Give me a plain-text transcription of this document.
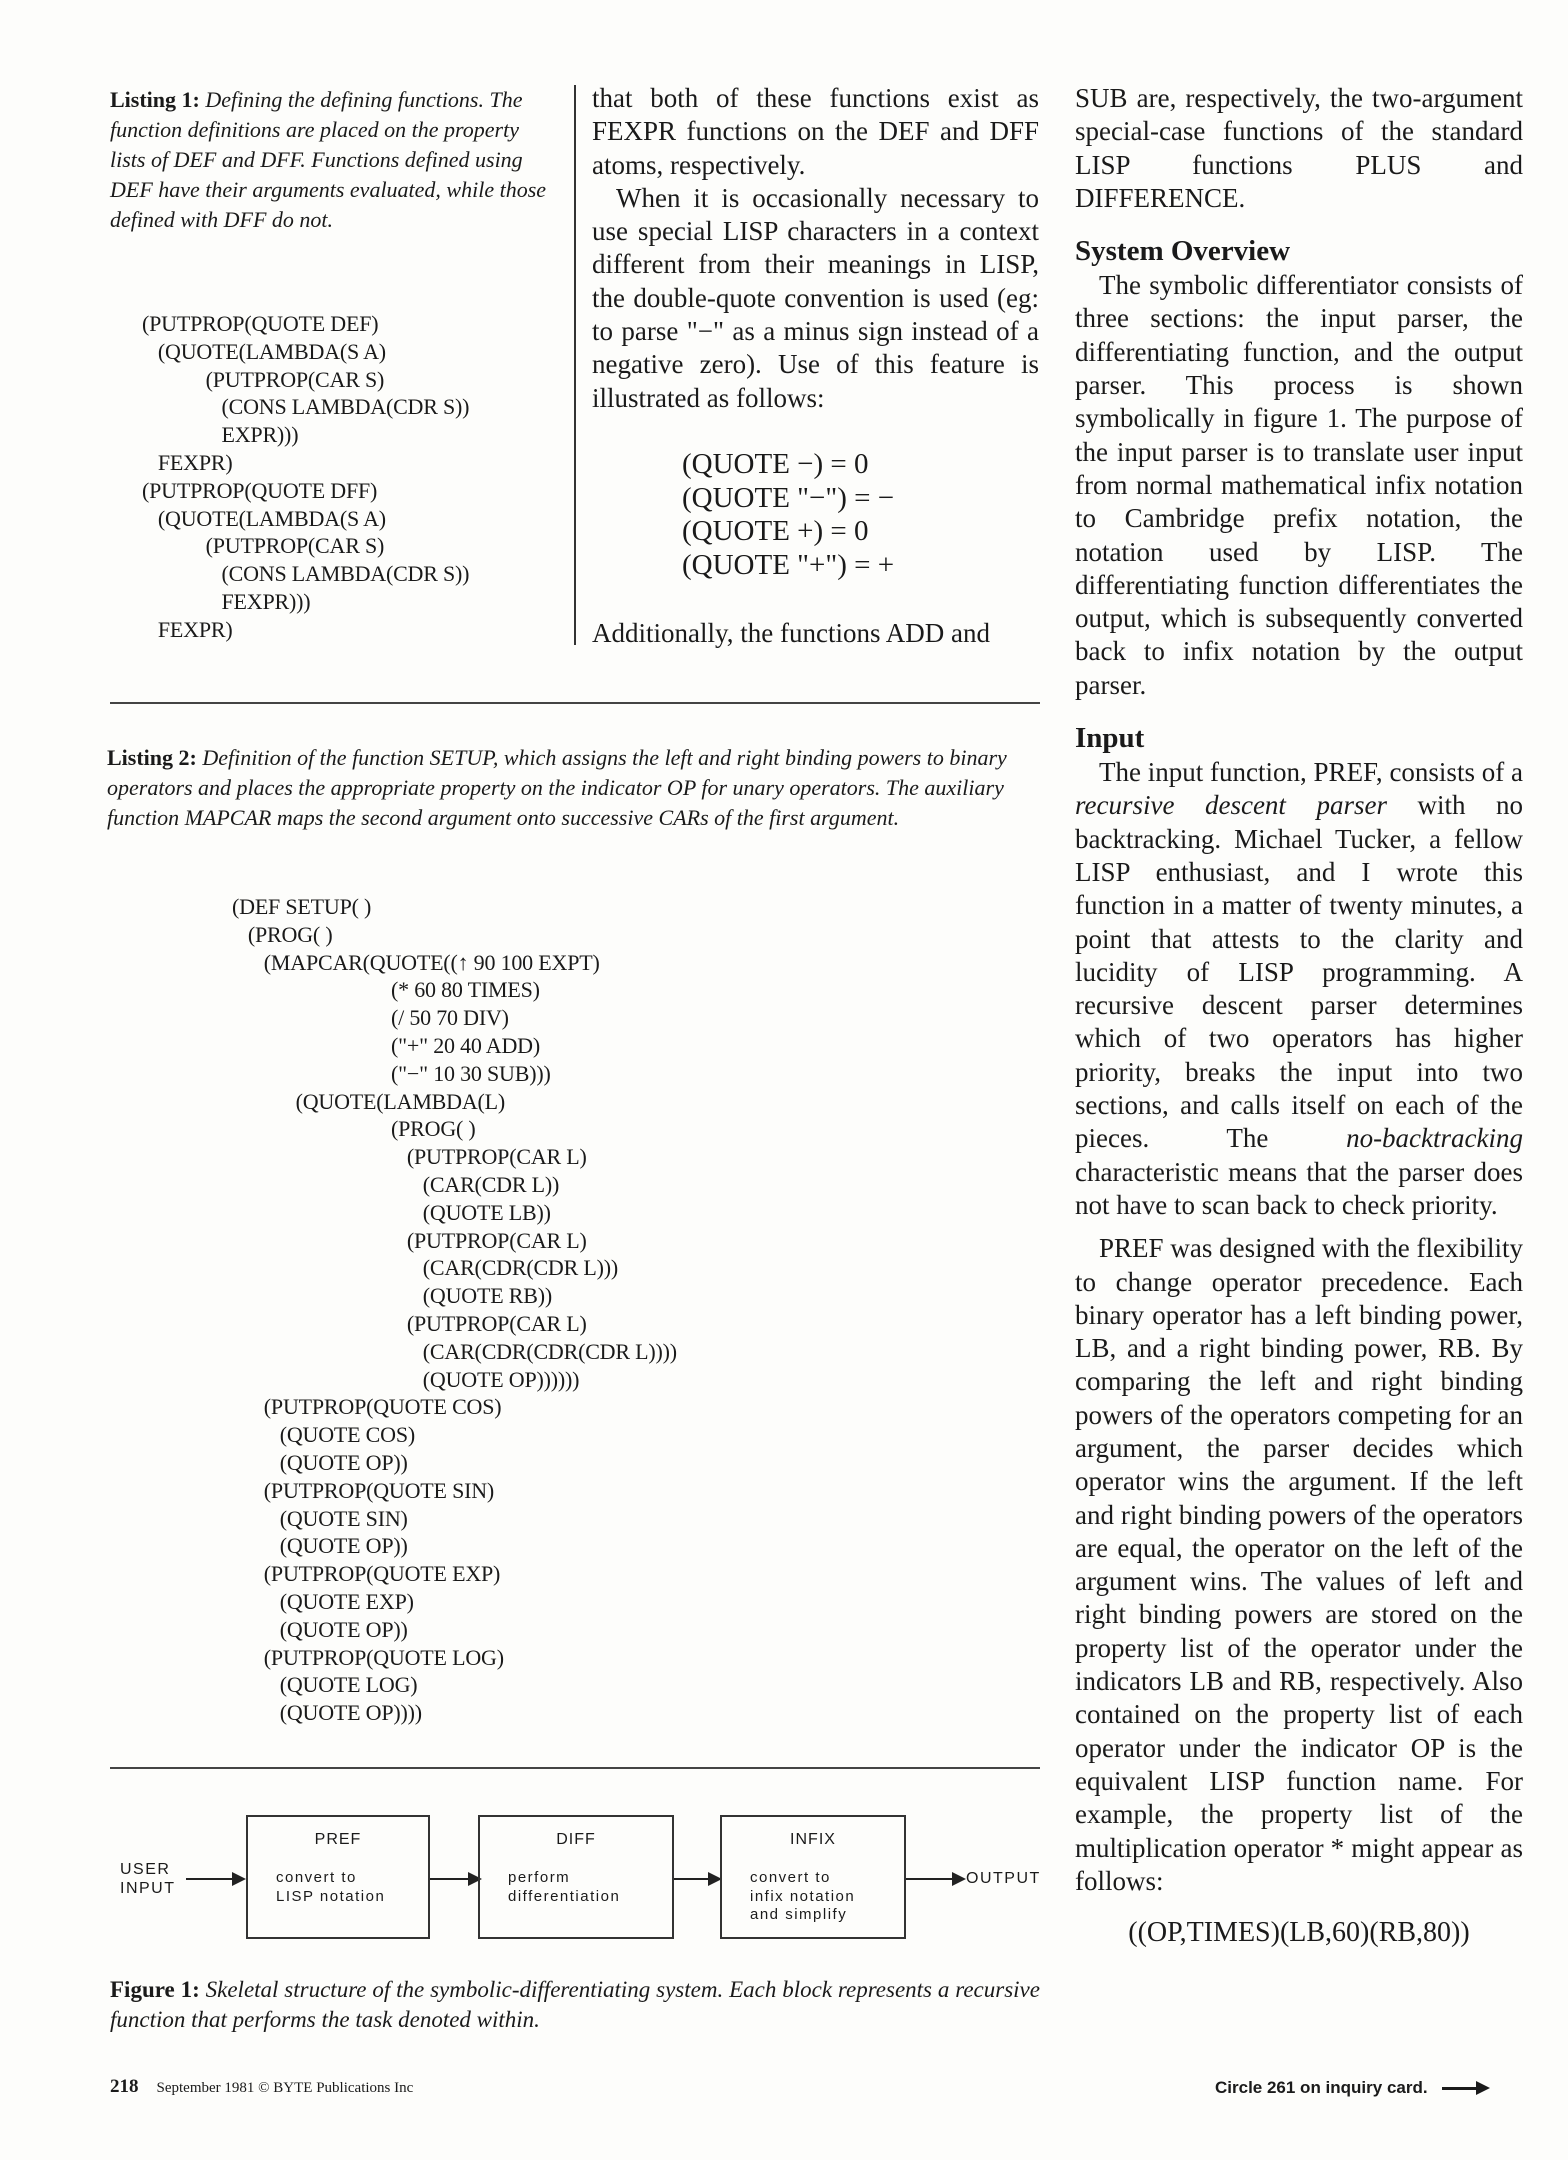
Listing 1: Defining the defining functions. The function definitions are placed on the property lists of DEF and DFF. Functions defined using DEF have their arguments evaluated, while those defined with DFF do not.
(PUTPROP(QUOTE DEF)
(QUOTE(LAMBDA(S A)
(PUTPROP(CAR S)
(CONS LAMBDA(CDR S))
EXPR)))
FEXPR)
(PUTPROP(QUOTE DFF)
(QUOTE(LAMBDA(S A)
(PUTPROP(CAR S)
(CONS LAMBDA(CDR S))
FEXPR)))
FEXPR)

that both of these functions exist as FEXPR functions on the DEF and DFF atoms, respectively.

When it is occasionally necessary to use special LISP characters in a context different from their meanings in LISP, the double-quote convention is used (eg: to parse "−" as a minus sign instead of a negative zero). Use of this feature is illustrated as follows:

(QUOTE −) = 0
(QUOTE "−") = −
(QUOTE +) = 0
(QUOTE "+") = +
Additionally, the functions ADD and
Listing 2: Definition of the function SETUP, which assigns the left and right binding powers to binary operators and places the appropriate property on the indicator OP for unary operators. The auxiliary function MAPCAR maps the second argument onto successive CARs of the first argument.
(DEF SETUP( )
(PROG( )
(MAPCAR(QUOTE((↑ 90 100 EXPT)
(* 60 80 TIMES)
(/ 50 70 DIV)
("+" 20 40 ADD)
("−" 10 30 SUB)))
(QUOTE(LAMBDA(L)
(PROG( )
(PUTPROP(CAR L)
(CAR(CDR L))
(QUOTE LB))
(PUTPROP(CAR L)
(CAR(CDR(CDR L)))
(QUOTE RB))
(PUTPROP(CAR L)
(CAR(CDR(CDR(CDR L))))
(QUOTE OP))))))
(PUTPROP(QUOTE COS)
(QUOTE COS)
(QUOTE OP))
(PUTPROP(QUOTE SIN)
(QUOTE SIN)
(QUOTE OP))
(PUTPROP(QUOTE EXP)
(QUOTE EXP)
(QUOTE OP))
(PUTPROP(QUOTE LOG)
(QUOTE LOG)
(QUOTE OP))))
USER
INPUT
PREF
convert to
LISP notation
DIFF
perform
differentiation
INFIX
convert to
infix notation
and simplify
OUTPUT
Figure 1: Skeletal structure of the symbolic-differentiating system. Each block represents a recursive function that performs the task denoted within.

SUB are, respectively, the two-argument special-case functions of the standard LISP functions PLUS and DIFFERENCE.

System Overview

The symbolic differentiator consists of three sections: the input parser, the differentiating function, and the output parser. This process is shown symbolically in figure 1. The purpose of the input parser is to translate user input from normal mathematical infix notation to Cambridge prefix notation, the notation used by LISP. The differentiating function differentiates the output, which is subsequently converted back to infix notation by the output parser.

Input

The input function, PREF, consists of a recursive descent parser with no backtracking. Michael Tucker, a fellow LISP enthusiast, and I wrote this function in a matter of twenty minutes, a point that attests to the clarity and lucidity of LISP programming. A recursive descent parser determines which of two operators has higher priority, breaks the input into two sections, and calls itself on each of the pieces. The no-backtracking characteristic means that the parser does not have to scan back to check priority.

PREF was designed with the flexibility to change operator precedence. Each binary operator has a left binding power, LB, and a right binding power, RB. By comparing the left and right binding powers of the operators competing for an argument, the parser decides which operator wins the argument. If the left and right binding powers of the operators are equal, the operator on the left of the argument wins. The values of left and right binding powers are stored on the property list of the operator under the indicators LB and RB, respectively. Also contained on the property list of each operator under the indicator OP is the equivalent LISP function name. For example, the property list of the multiplication operator * might appear as follows:

((OP,TIMES)(LB,60)(RB,80))
218 September 1981 © BYTE Publications Inc	Circle 261 on inquiry card.
